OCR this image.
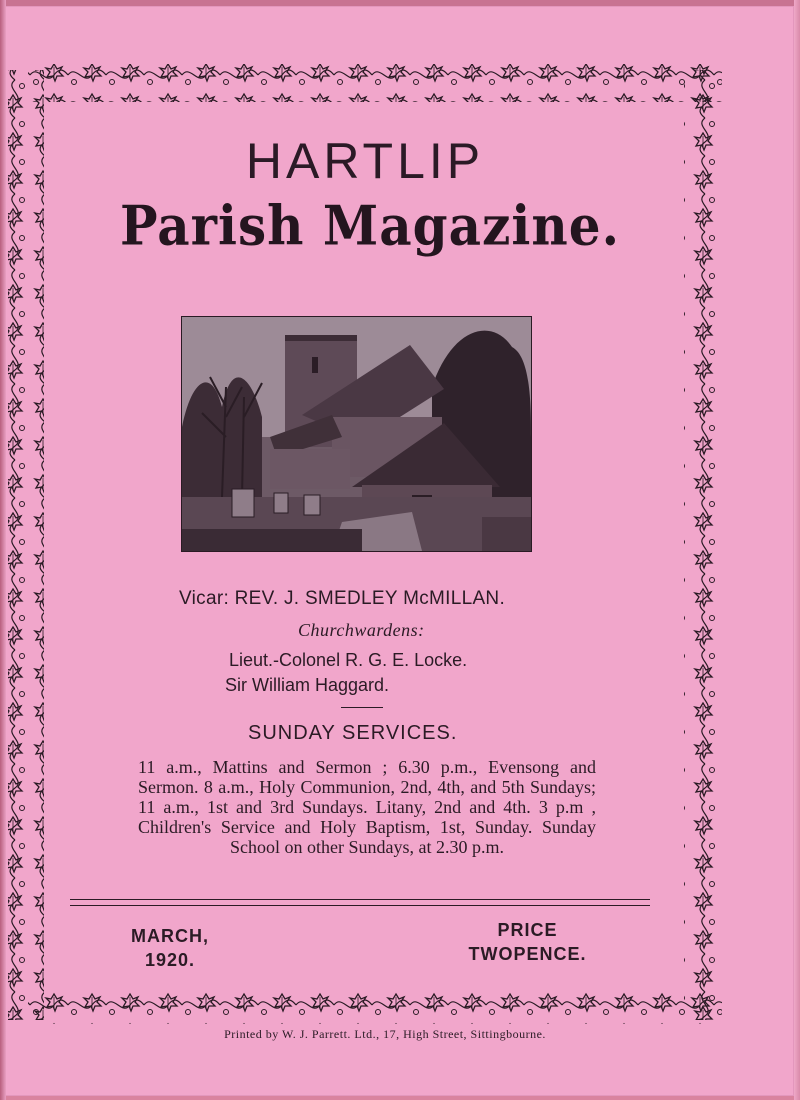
HARTLIP
Parish Magazine.
Vicar: REV. J. SMEDLEY McMILLAN.
Churchwardens:
Lieut.-Colonel R. G. E. Locke.
Sir William Haggard.
SUNDAY SERVICES.
11 a.m., Mattins and Sermon ; 6.30 p.m., Evensong and Sermon. 8 a.m., Holy Communion, 2nd, 4th, and 5th Sundays; 11 a.m., 1st and 3rd Sundays. Litany, 2nd and 4th. 3 p.m , Children's Service and Holy Baptism, 1st, Sunday. Sunday School on other Sundays, at 2.30 p.m.
MARCH,
1920.
PRICE
TWOPENCE.
Printed by W. J. Parrett. Ltd., 17, High Street, Sittingbourne.
